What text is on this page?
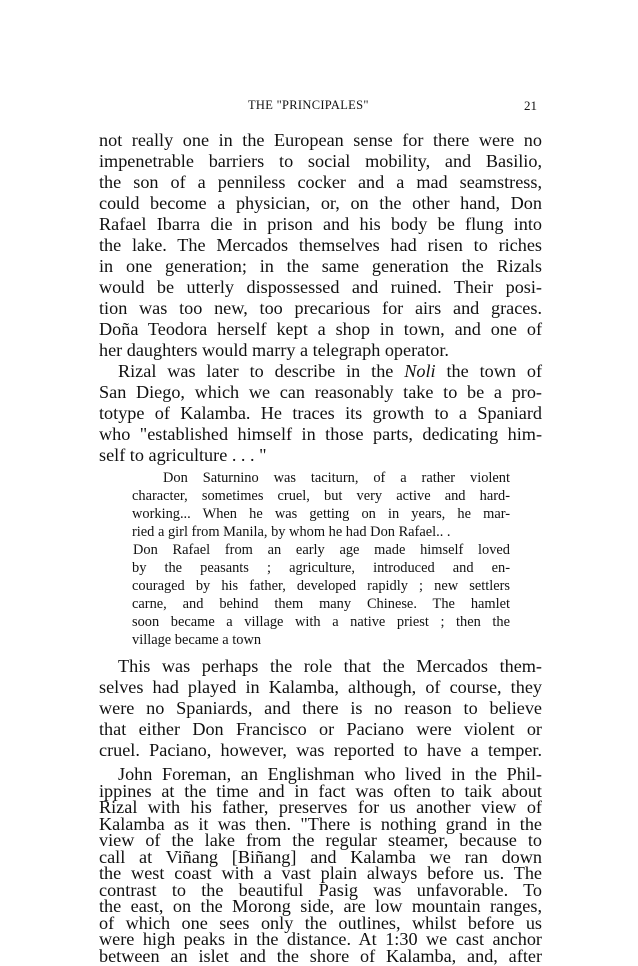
THE "PRINCIPALES"	21
not really one in the European sense for there were no
impenetrable barriers to social mobility, and Basilio,
the son of a penniless cocker and a mad seamstress,
could become a physician, or, on the other hand, Don
Rafael Ibarra die in prison and his body be flung into
the lake. The Mercados themselves had risen to riches
in one generation; in the same generation the Rizals
would be utterly dispossessed and ruined. Their posi-
tion was too new, too precarious for airs and graces.
Doña Teodora herself kept a shop in town, and one of
her daughters would marry a telegraph operator.
Rizal was later to describe in the Noli the town of
San Diego, which we can reasonably take to be a pro-
totype of Kalamba. He traces its growth to a Spaniard
who "established himself in those parts, dedicating him-
self to agriculture . . . "
Don Saturnino was taciturn, of a rather violent
character, sometimes cruel, but very active and hard-
working... When he was getting on in years, he mar-
ried a girl from Manila, by whom he had Don Rafael.. .
Don Rafael from an early age made himself loved
by the peasants ; agriculture, introduced and en-
couraged by his father, developed rapidly ; new settlers
carne, and behind them many Chinese. The hamlet
soon became a village with a native priest ; then the
village became a town
This was perhaps the role that the Mercados them-
selves had played in Kalamba, although, of course, they
were no Spaniards, and there is no reason to believe
that either Don Francisco or Paciano were violent or
cruel. Paciano, however, was reported to have a temper.
John Foreman, an Englishman who lived in the Phil-
ippines at the time and in fact was often to taik about
Rizal with his father, preserves for us another view of
Kalamba as it was then. "There is nothing grand in the
view of the lake from the regular steamer, because to
call at Viñang [Biñang] and Kalamba we ran down
the west coast with a vast plain always before us. The
contrast to the beautiful Pasig was unfavorable. To
the east, on the Morong side, are low mountain ranges,
of which one sees only the outlines, whilst before us
were high peaks in the distance. At 1:30 we cast anchor
between an islet and the shore of Kalamba, and, after
